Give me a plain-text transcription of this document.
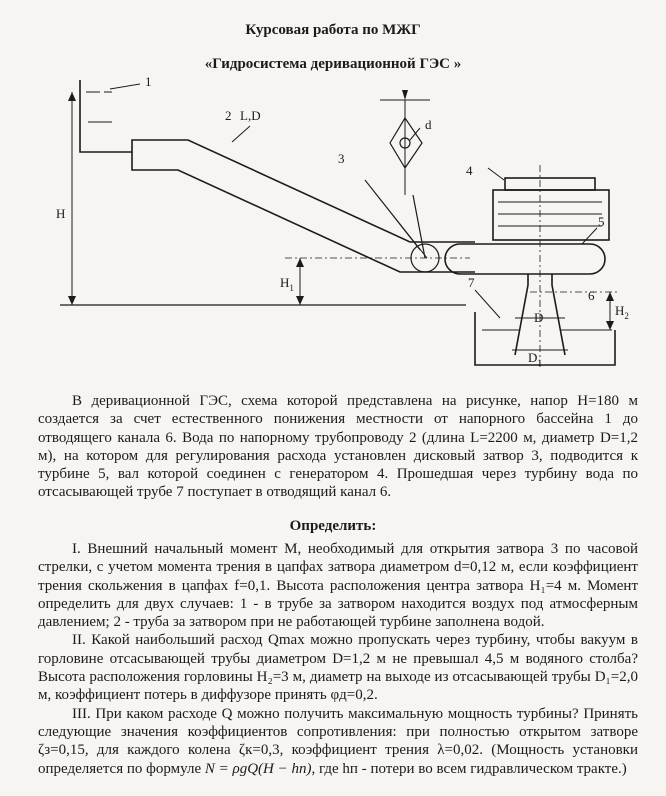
Курсовая работа по МЖГ
«Гидросистема деривационной ГЭС »
1
2 L,D
d
3
4
5
6
7
H
$H_1$
$H_2$
D
$D_1$

В деривационной ГЭС, схема которой представлена на рисунке, напор H=180 м создается за счет естественного понижения местности от напорного бассейна 1 до отводящего канала 6. Вода по напорному трубопроводу 2 (длина L=2200 м, диаметр D=1,2 м), на котором для регулирования расхода установлен дисковый затвор 3, подводится к турбине 5, вал которой соединен с генератором 4. Прошедшая через турбину вода по отсасывающей трубе 7 поступает в отводящий канал 6.

Определить:

I. Внешний начальный момент M, необходимый для открытия затвора 3 по часовой стрелки, с учетом момента трения в цапфах затвора диаметром d=0,12 м, если коэффициент трения скольжения в цапфах f=0,1. Высота расположения центра затвора H₁=4 м. Момент определить для двух случаев: 1 - в трубе за затвором находится воздух под атмосферным давлением; 2 - труба за затвором при не работающей турбине заполнена водой.

II. Какой наибольший расход Qmax можно пропускать через турбину, чтобы вакуум в горловине отсасывающей трубы диаметром D=1,2 м не превышал 4,5 м водяного столба? Высота расположения горловины H₂=3 м, диаметр на выходе из отсасывающей трубы D₁=2,0 м, коэффициент потерь в диффузоре принять φд=0,2.

III. При каком расходе Q можно получить максимальную мощность турбины? Принять следующие значения коэффициентов сопротивления: при полностью открытом затворе ζз=0,15, для каждого колена ζк=0,3, коэффициент трения λ=0,02. (Мощность установки определяется по формуле N = ρgQ(H − hп), где hп - потери во всем гидравлическом тракте.)
